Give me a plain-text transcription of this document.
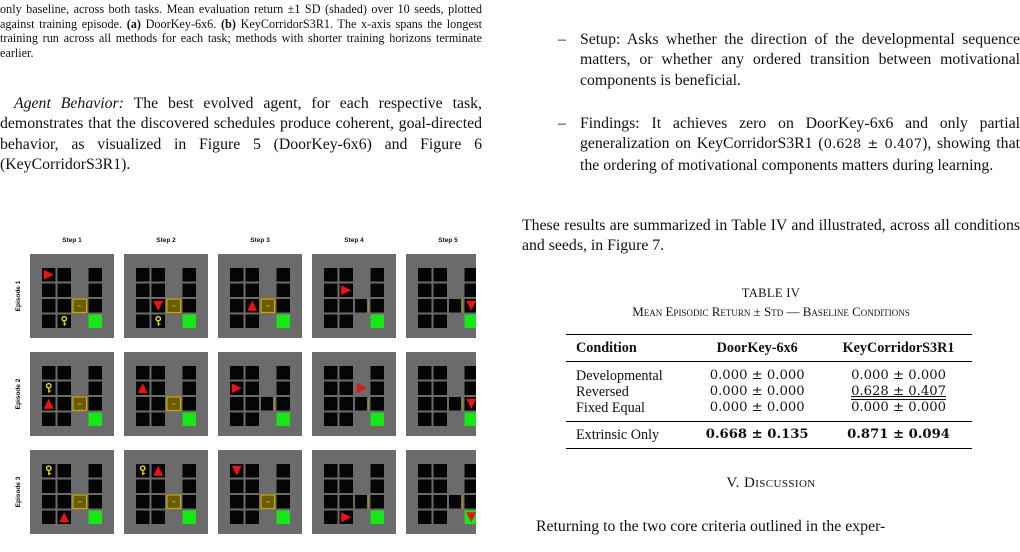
only baseline, across both tasks. Mean evaluation return ±1 SD (shaded) over 10 seeds, plotted against training episode. (a) DoorKey-6x6. (b) KeyCorridorS3R1. The x-axis spans the longest training run across all methods for each task; methods with shorter training horizons terminate earlier.

Agent Behavior: The best evolved agent, for each respective task, demonstrates that the discovered schedules produce coherent, goal-directed behavior, as visualized in Figure 5 (DoorKey-6x6) and Figure 6 (KeyCorridorS3R1).

Step 1	Step 2	Step 3	Step 4	Step 5
Episode 1
Episode 2
Episode 3

– Setup: Asks whether the direction of the developmental sequence matters, or whether any ordered transition between motivational components is beneficial.

– Findings: It achieves zero on DoorKey-6x6 and only partial generalization on KeyCorridorS3R1 (0.628 ± 0.407), showing that the ordering of motivational components matters during learning.

These results are summarized in Table IV and illustrated, across all conditions and seeds, in Figure 7.

TABLE IV
Mean Episodic Return ± Std — Baseline Conditions
Condition	DoorKey-6x6	KeyCorridorS3R1
Developmental	0.000 ± 0.000	0.000 ± 0.000
Reversed	0.000 ± 0.000	0.628 ± 0.407
Fixed Equal	0.000 ± 0.000	0.000 ± 0.000
Extrinsic Only	0.668 ± 0.135	0.871 ± 0.094
V. Discussion

Returning to the two core criteria outlined in the exper-
